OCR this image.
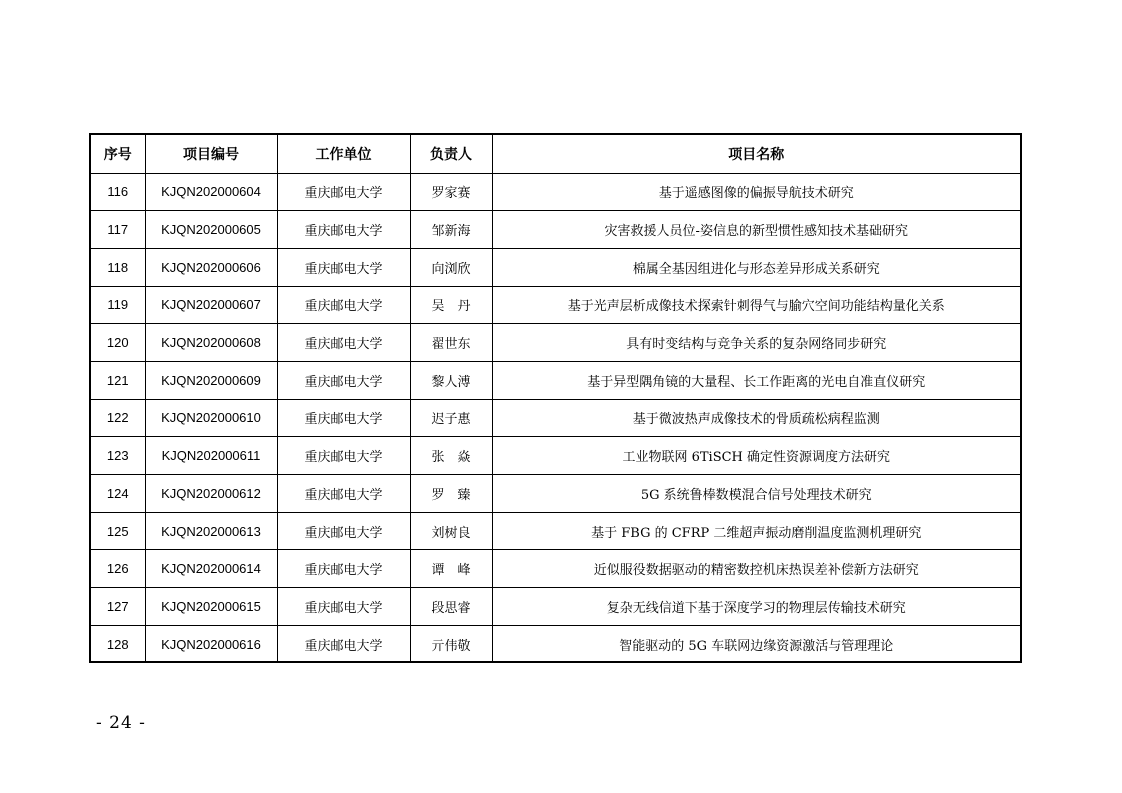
序号	项目编号	工作单位	负责人	项目名称
116	KJQN202000604	重庆邮电大学	罗家赛	基于遥感图像的偏振导航技术研究
117	KJQN202000605	重庆邮电大学	邹新海	灾害救援人员位-姿信息的新型惯性感知技术基础研究
118	KJQN202000606	重庆邮电大学	向浏欣	棉属全基因组进化与形态差异形成关系研究
119	KJQN202000607	重庆邮电大学	吴　丹	基于光声层析成像技术探索针刺得气与腧穴空间功能结构量化关系
120	KJQN202000608	重庆邮电大学	翟世东	具有时变结构与竞争关系的复杂网络同步研究
121	KJQN202000609	重庆邮电大学	黎人溥	基于异型隅角镜的大量程、长工作距离的光电自准直仪研究
122	KJQN202000610	重庆邮电大学	迟子惠	基于微波热声成像技术的骨质疏松病程监测
123	KJQN202000611	重庆邮电大学	张　焱	工业物联网 6TiSCH 确定性资源调度方法研究
124	KJQN202000612	重庆邮电大学	罗　臻	5G 系统鲁棒数模混合信号处理技术研究
125	KJQN202000613	重庆邮电大学	刘树良	基于 FBG 的 CFRP 二维超声振动磨削温度监测机理研究
126	KJQN202000614	重庆邮电大学	谭　峰	近似服役数据驱动的精密数控机床热误差补偿新方法研究
127	KJQN202000615	重庆邮电大学	段思睿	复杂无线信道下基于深度学习的物理层传输技术研究
128	KJQN202000616	重庆邮电大学	亓伟敬	智能驱动的 5G 车联网边缘资源激活与管理理论
- 24 -
